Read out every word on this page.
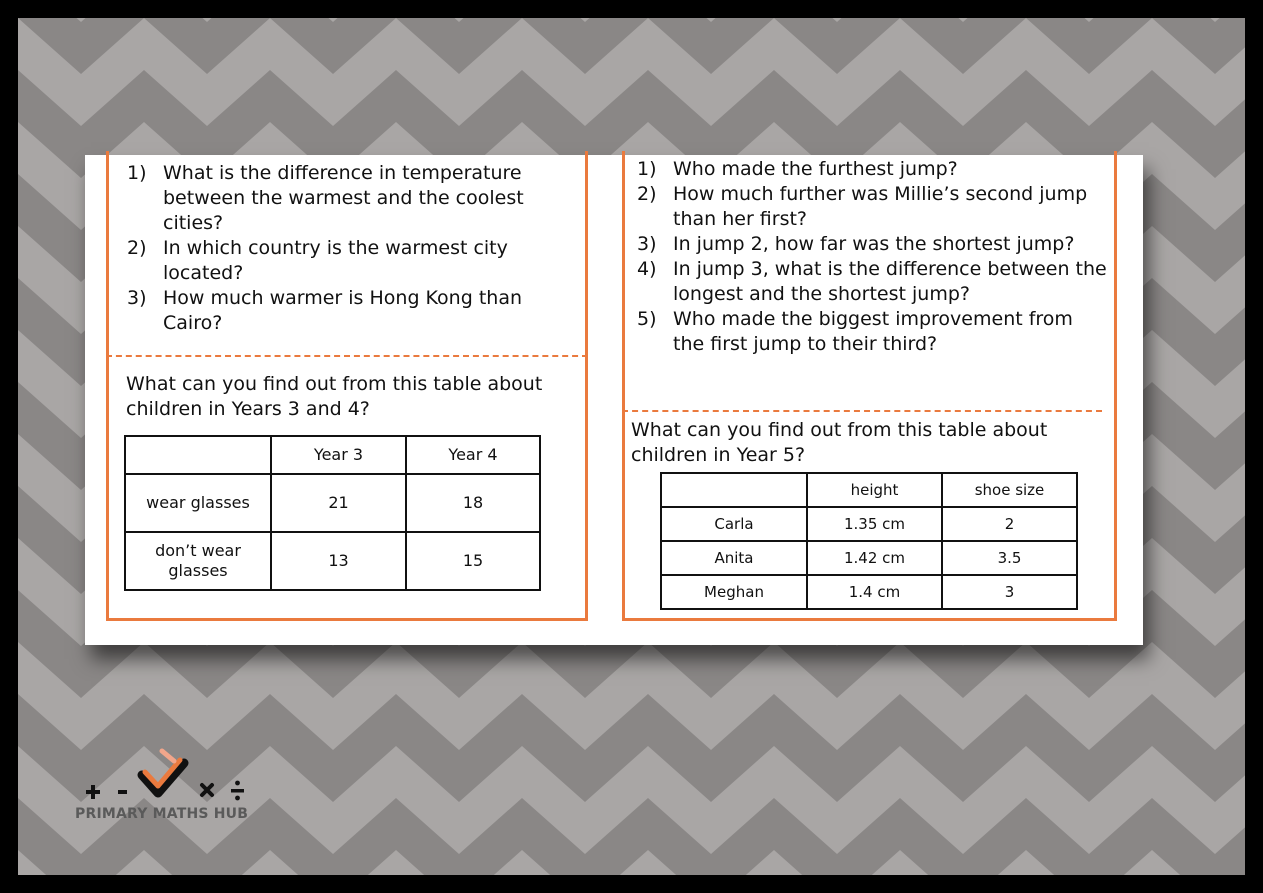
1) What is the difference in temperature between the warmest and the coolest cities?
2) In which country is the warmest city located?
3) How much warmer is Hong Kong than Cairo?
What can you find out from this table about children in Years 3 and 4?
	Year 3	Year 4
wear glasses	21	18
don’t wear glasses	13	15
1) Who made the furthest jump?
2) How much further was Millie’s second jump than her first?
3) In jump 2, how far was the shortest jump?
4) In jump 3, what is the difference between the longest and the shortest jump?
5) Who made the biggest improvement from the first jump to their third?
What can you find out from this table about children in Year 5?
	height	shoe size
Carla	1.35 cm	2
Anita	1.42 cm	3.5
Meghan	1.4 cm	3
PRIMARY MATHS HUB
